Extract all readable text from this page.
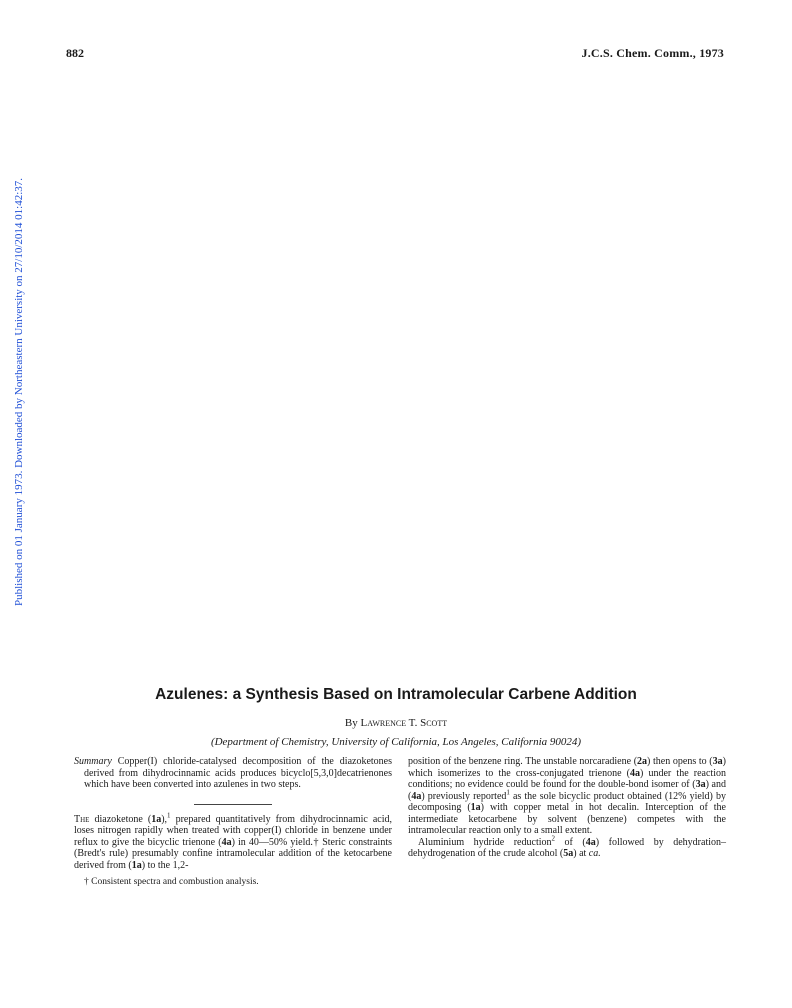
882	J.C.S. Chem. Comm., 1973
Published on 01 January 1973. Downloaded by Northeastern University on 27/10/2014 01:42:37.
Azulenes: a Synthesis Based on Intramolecular Carbene Addition
By Lawrence T. Scott
(Department of Chemistry, University of California, Los Angeles, California 90024)

Summary Copper(I) chloride-catalysed decomposition of the diazoketones derived from dihydrocinnamic acids produces bicyclo[5,3,0]decatrienones which have been converted into azulenes in two steps.

The diazoketone (1a),$^1$ prepared quantitatively from dihydrocinnamic acid, loses nitrogen rapidly when treated with copper(I) chloride in benzene under reflux to give the bicyclic trienone (4a) in 40—50% yield.† Steric constraints (Bredt's rule) presumably confine intramolecular addition of the ketocarbene derived from (1a) to the 1,2-

† Consistent spectra and combustion analysis.

position of the benzene ring. The unstable norcaradiene (2a) then opens to (3a) which isomerizes to the cross-conjugated trienone (4a) under the reaction conditions; no evidence could be found for the double-bond isomer of (3a) and (4a) previously reported$^1$ as the sole bicyclic product obtained (12% yield) by decomposing (1a) with copper metal in hot decalin. Interception of the intermediate ketocarbene by solvent (benzene) competes with the intramolecular reaction only to a small extent.

Aluminium hydride reduction$^2$ of (4a) followed by dehydration–dehydrogenation of the crude alcohol (5a) at ca.
